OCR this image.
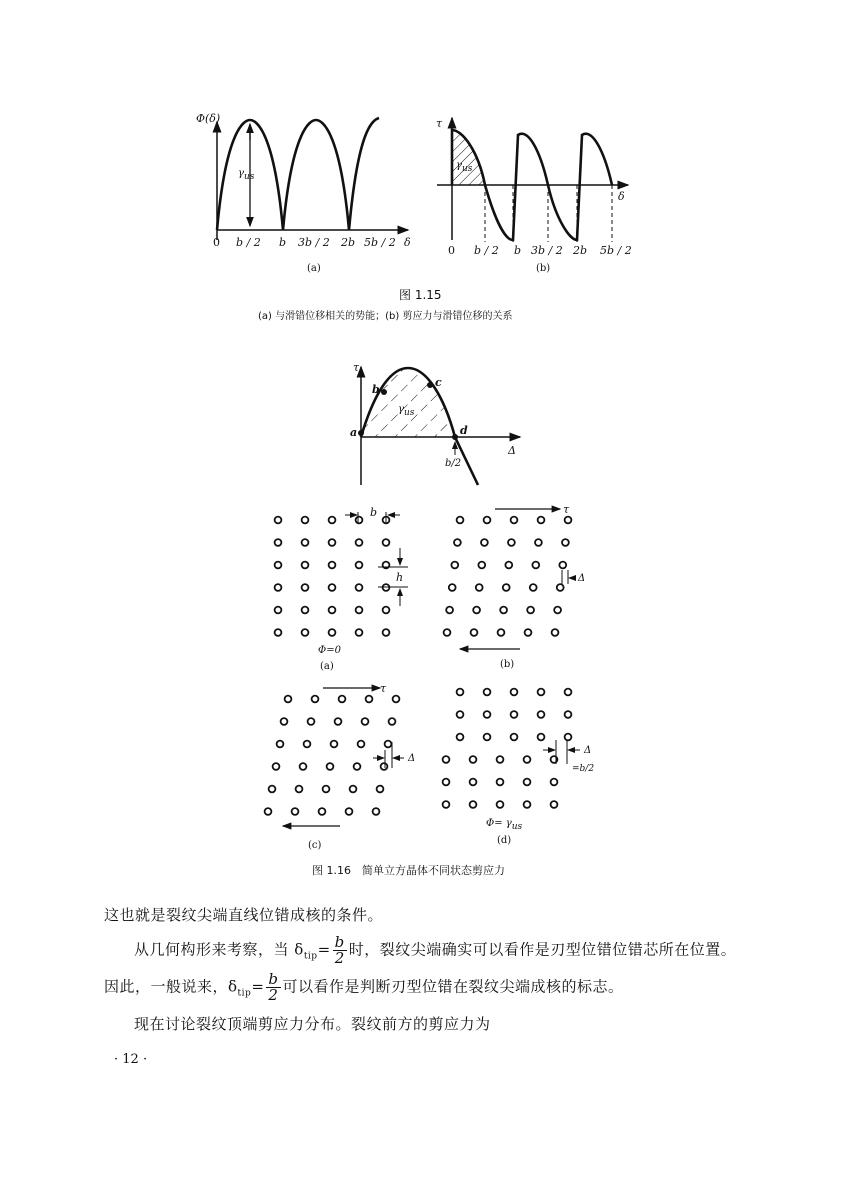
Φ(δ)
$\gamma_{us}$
0 b / 2 b 3b / 2 2b 5b / 2 δ
(a)
τ
$\gamma_{us}$
δ
0 b / 2 b 3b / 2 2b 5b / 2
(b)
图 1.15
(a) 与滑错位移相关的势能；(b) 剪应力与滑错位移的关系
τ
a
b
c
d
$\gamma_{us}$
Δ
b/2
b
h
Φ=0
(a)
τ
Δ
(b)
τ
Δ
(c)
Δ
=b/2
$\Phi= \gamma_{us}$
(d)
图 1.16　简单立方晶体不同状态剪应力
这也就是裂纹尖端直线位错成核的条件。
从几何构形来考察，当 $\delta_{tip}= \frac{b}{2}$ 时，裂纹尖端确实可以看作是刃型位错位错芯所在位置。
因此，一般说来，$\delta_{tip}= \frac{b}{2}$ 可以看作是判断刃型位错在裂纹尖端成核的标志。
现在讨论裂纹顶端剪应力分布。裂纹前方的剪应力为
· 12 ·
